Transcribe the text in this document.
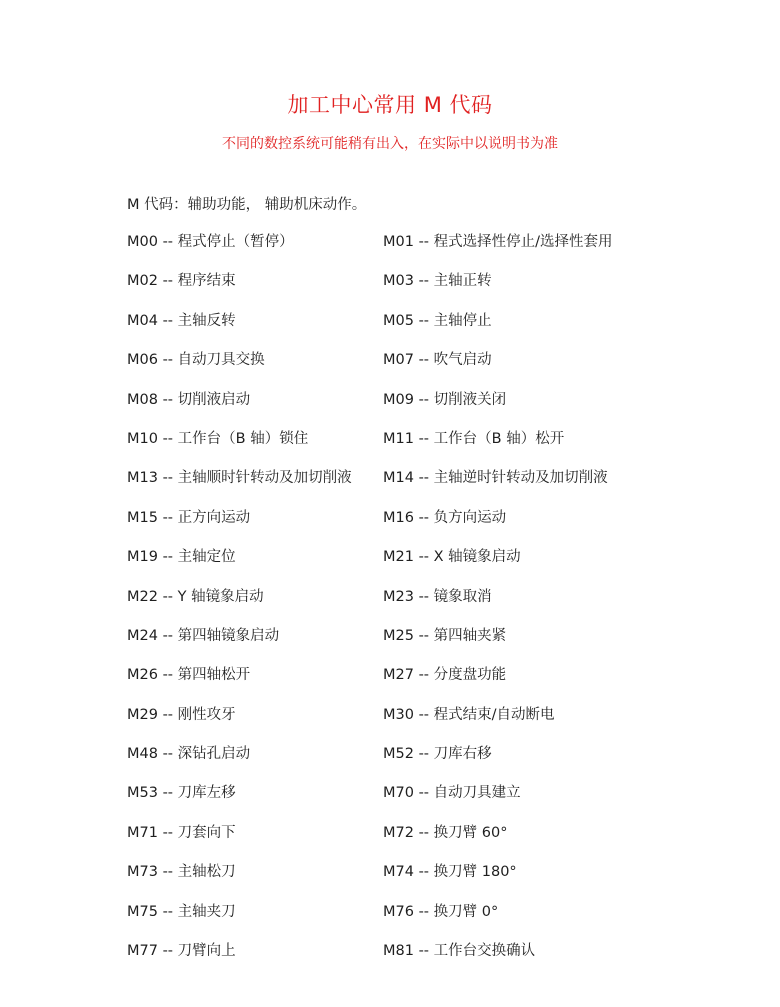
加工中心常用 M 代码
不同的数控系统可能稍有出入，在实际中以说明书为准
M 代码：辅助功能， 辅助机床动作。
M00 -- 程式停止（暂停）	M01 -- 程式选择性停止/选择性套用
M02 -- 程序结束	M03 -- 主轴正转
M04 -- 主轴反转	M05 -- 主轴停止
M06 -- 自动刀具交换	M07 -- 吹气启动
M08 -- 切削液启动	M09 -- 切削液关闭
M10 -- 工作台（B 轴）锁住	M11 -- 工作台（B 轴）松开
M13 -- 主轴顺时针转动及加切削液 M14 -- 主轴逆时针转动及加切削液
M15 -- 正方向运动	M16 -- 负方向运动
M19 -- 主轴定位	M21 -- X 轴镜象启动
M22 -- Y 轴镜象启动	M23 -- 镜象取消
M24 -- 第四轴镜象启动	M25 -- 第四轴夹紧
M26 -- 第四轴松开	M27 -- 分度盘功能
M29 -- 刚性攻牙	M30 -- 程式结束/自动断电
M48 -- 深钻孔启动	M52 -- 刀库右移
M53 -- 刀库左移	M70 -- 自动刀具建立
M71 -- 刀套向下	M72 -- 换刀臂 60°
M73 -- 主轴松刀	M74 -- 换刀臂 180°
M75 -- 主轴夹刀	M76 -- 换刀臂 0°
M77 -- 刀臂向上	M81 -- 工作台交换确认
